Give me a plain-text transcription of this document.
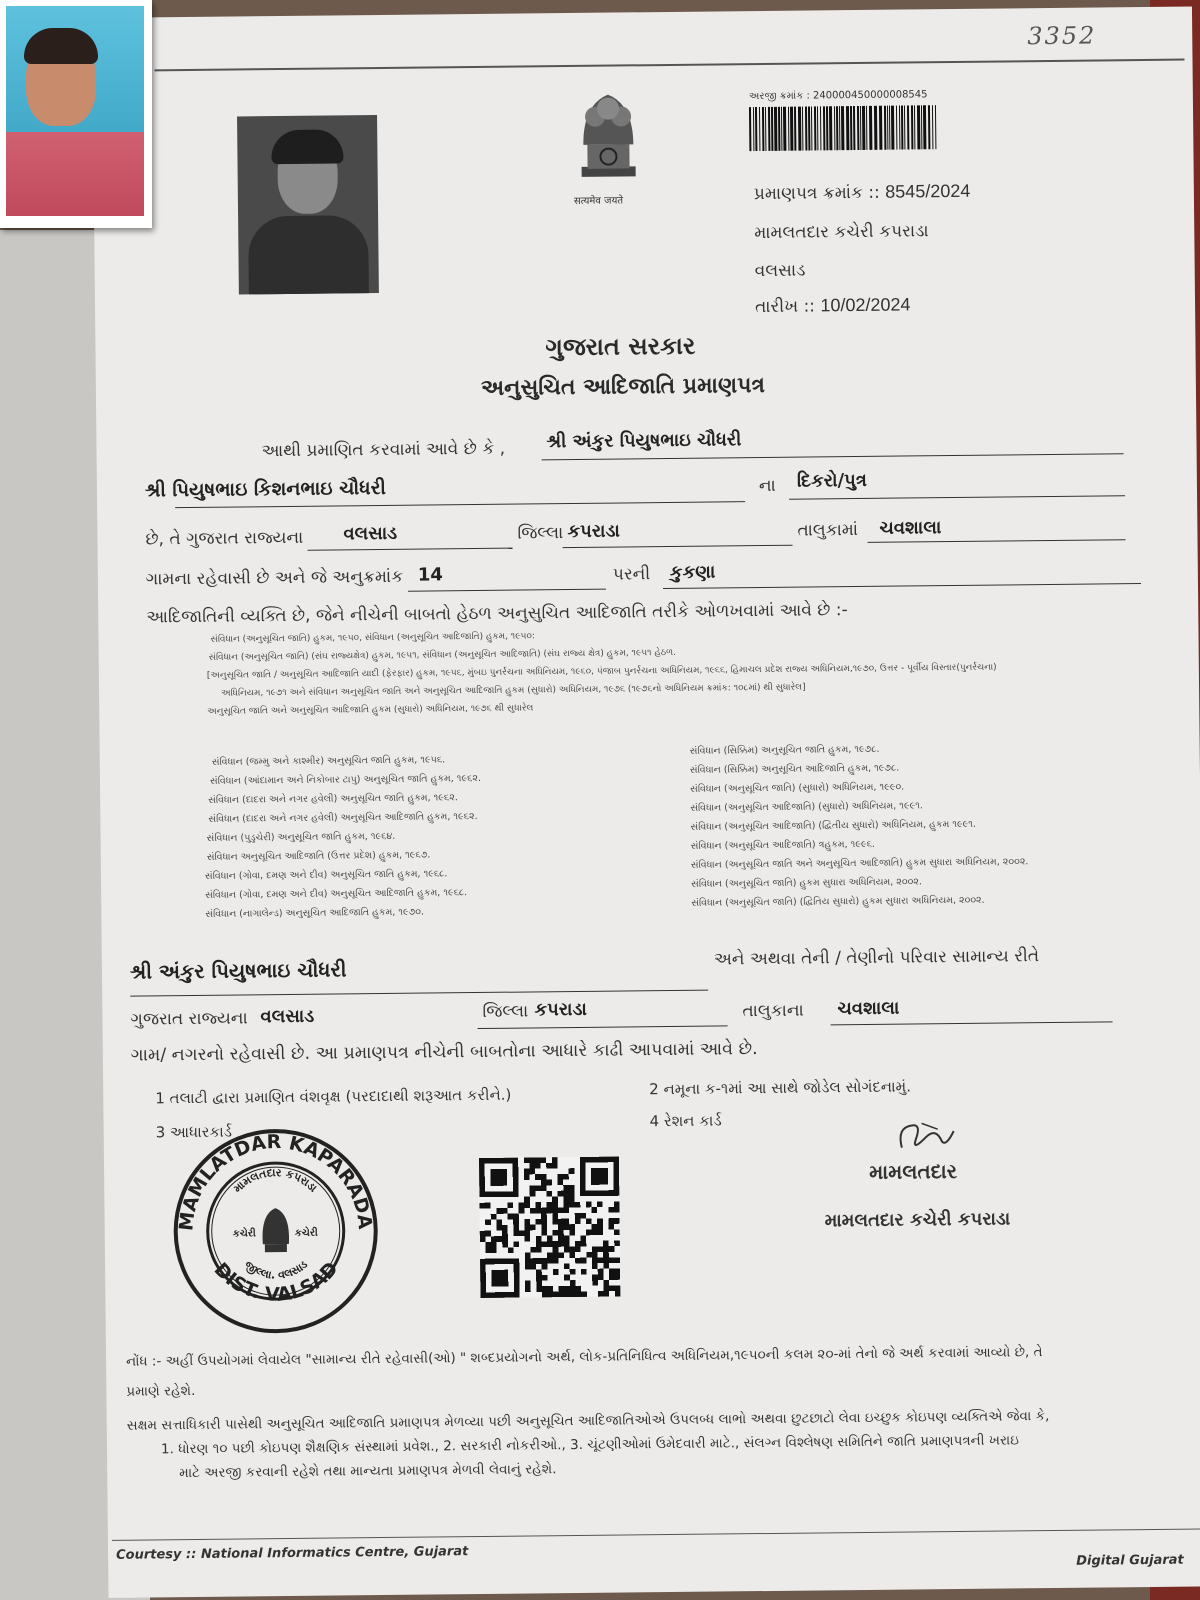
3352
सत्यमेव जयते
અરજી ક્રમાંક : 240000450000008545
પ્રમાણપત્ર ક્રમાંક :: 8545/2024
મામલતદાર કચેરી કપરાડા
વલસાડ
તારીખ :: 10/02/2024
ગુજરાત સરકાર
અનુસુચિત આદિજાતિ પ્રમાણપત્ર
આથી પ્રમાણિત કરવામાં આવે છે કે , શ્રી અંકુર પિયુષભાઇ ચૌધરી
શ્રી પિયુષભાઇ કિશનભાઇ ચૌધરી	ના દિકરો/પુત્ર
છે, તે ગુજરાત રાજ્યના વલસાડ	જિલ્લા કપરાડા	તાલુકામાં ચવશાલા
ગામના રહેવાસી છે અને જે અનુક્રમાંક 14	પરની કુકણા
આદિજાતિની વ્યક્તિ છે, જેને નીચેની બાબતો હેઠળ અનુસુચિત આદિજાતિ તરીકે ઓળખવામાં આવે છે :-
સંવિધાન (અનુસૂચિત જાતિ) હુકમ, ૧૯૫૦, સંવિધાન (અનુસૂચિત આદિજાતિ) હુકમ, ૧૯૫૦:
સંવિધાન (અનુસૂચિત જાતિ) (સંઘ રાજ્યક્ષેત્ર) હુકમ, ૧૯૫૧, સંવિધાન (અનુસૂચિત આદિજાતિ) (સંઘ રાજ્ય ક્ષેત્ર) હુકમ, ૧૯૫૧ હેઠળ.
[અનુસૂચિત જાતિ / અનુસૂચિત આદિજાતિ યાદી (ફેરફાર) હુકમ, ૧૯૫૬, મુંબઇ પુનર્રચના અધિનિયમ, ૧૯૬૦, પંજાબ પુનર્રચના અધિનિયમ, ૧૯૬૬, હિમાચલ પ્રદેશ રાજ્ય અધિનિયમ,૧૯૭૦, ઉત્તર - પૂર્વીય વિસ્તાર(પુનર્રચના)
અધિનિયમ, ૧૯૭૧ અને સંવિધાન અનુસૂચિત જાતિ અને અનુસૂચિત આદિજાતિ હુકમ (સુધારો) અધિનિયમ, ૧૯૭૬ (૧૯૭૬નો અધિનિયમ ક્રમાંક: ૧૦૮માં) થી સુધારેલ]
અનુસૂચિત જાતિ અને અનુસૂચિત આદિજાતિ હુકમ (સુધારો) અધિનિયમ, ૧૯૭૬ થી સુધારેલ
સંવિધાન (જમ્મુ અને કાશ્મીર) અનુસૂચિત જાતિ હુકમ, ૧૯૫૬.
સંવિધાન (આંદામાન અને નિકોબાર ટાપુ) અનુસૂચિત જાતિ હુકમ, ૧૯૬૨.
સંવિધાન (દાદરા અને નગર હવેલી) અનુસૂચિત જાતિ હુકમ, ૧૯૬૨.
સંવિધાન (દાદરા અને નગર હવેલી) અનુસૂચિત આદિજાતિ હુકમ, ૧૯૬૨.
સંવિધાન (પુડુચેરી) અનુસૂચિત જાતિ હુકમ, ૧૯૬૪.
સંવિધાન અનુસૂચિત આદિજાતિ (ઉત્તર પ્રદેશ) હુકમ, ૧૯૬૭.
સંવિધાન (ગોવા, દમણ અને દીવ) અનુસૂચિત જાતિ હુકમ, ૧૯૬૮.
સંવિધાન (ગોવા, દમણ અને દીવ) અનુસૂચિત આદિજાતિ હુકમ, ૧૯૬૮.
સંવિધાન (નાગાલેન્ડ) અનુસૂચિત આદિજાતિ હુકમ, ૧૯૭૦.
સંવિધાન (સિક્કિમ) અનુસૂચિત જાતિ હુકમ, ૧૯૭૮.
સંવિધાન (સિક્કિમ) અનુસૂચિત આદિજાતિ હુકમ, ૧૯૭૮.
સંવિધાન (અનુસૂચિત જાતિ) (સુધારો) અધિનિયમ, ૧૯૯૦.
સંવિધાન (અનુસૂચિત આદિજાતિ) (સુધારો) અધિનિયમ, ૧૯૯૧.
સંવિધાન (અનુસૂચિત આદિજાતિ) (દ્વિતીય સુધારો) અધિનિયમ, હુકમ ૧૯૯૧.
સંવિધાન (અનુસૂચિત આદિજાતિ) ત્રહુકમ, ૧૯૯૬.
સંવિધાન (અનુસૂચિત જાતિ અને અનુસૂચિત આદિજાતિ) હુકમ સુધારા અધિનિયમ, ૨૦૦૨.
સંવિધાન (અનુસૂચિત જાતિ) હુકમ સુધારા અધિનિયમ, ૨૦૦૨.
સંવિધાન (અનુસૂચિત જાતિ) (દ્વિતિય સુધારો) હુકમ સુધારા અધિનિયમ, ૨૦૦૨.
શ્રી અંકુર પિયુષભાઇ ચૌધરી	અને અથવા તેની / તેણીનો પરિવાર સામાન્ય રીતે
ગુજરાત રાજ્યના વલસાડ	જિલ્લા કપરાડા	તાલુકાના ચવશાલા
ગામ/ નગરનો રહેવાસી છે. આ પ્રમાણપત્ર નીચેની બાબતોના આધારે કાઢી આપવામાં આવે છે.
1 તલાટી દ્વારા પ્રમાણિત વંશવૃક્ષ (પરદાદાથી શરૂઆત કરીને.)	2 નમૂના ક-૧માં આ સાથે જોડેલ સોગંદનામું.
3 આધારકાર્ડ
4 રેશન કાર્ડ
MAMLATDAR KAPARADA
DIST. VALSAD
મામલતદાર કપરાડા
જીલ્લા. વલસાડ
કચેરી	કચેરી
મામલતદાર
મામલતદાર કચેરી કપરાડા
નોંધ :- અહીં ઉપયોગમાં લેવાયેલ "સામાન્ય રીતે રહેવાસી(ઓ) " શબ્દપ્રયોગનો અર્થ, લોક-પ્રતિનિધિત્વ અધિનિયમ,૧૯૫૦ની કલમ ૨૦-માં તેનો જે અર્થ કરવામાં આવ્યો છે, તે
પ્રમાણે રહેશે.
સક્ષમ સત્તાધિકારી પાસેથી અનુસૂચિત આદિજાતિ પ્રમાણપત્ર મેળવ્યા પછી અનુસૂચિત આદિજાતિઓએ ઉપલબ્ધ લાભો અથવા છુટછાટો લેવા ઇચ્છુક કોઇપણ વ્યક્તિએ જેવા કે,
1. ધોરણ ૧૦ પછી કોઇપણ શૈક્ષણિક સંસ્થામાં પ્રવેશ., 2. સરકારી નોકરીઓ., 3. ચૂંટણીઓમાં ઉમેદવારી માટે., સંલગ્ન વિશ્લેષણ સમિતિને જાતિ પ્રમાણપત્રની ખરાઇ
માટે અરજી કરવાની રહેશે તથા માન્યતા પ્રમાણપત્ર મેળવી લેવાનું રહેશે.
Courtesy :: National Informatics Centre, Gujarat	Digital Gujarat
